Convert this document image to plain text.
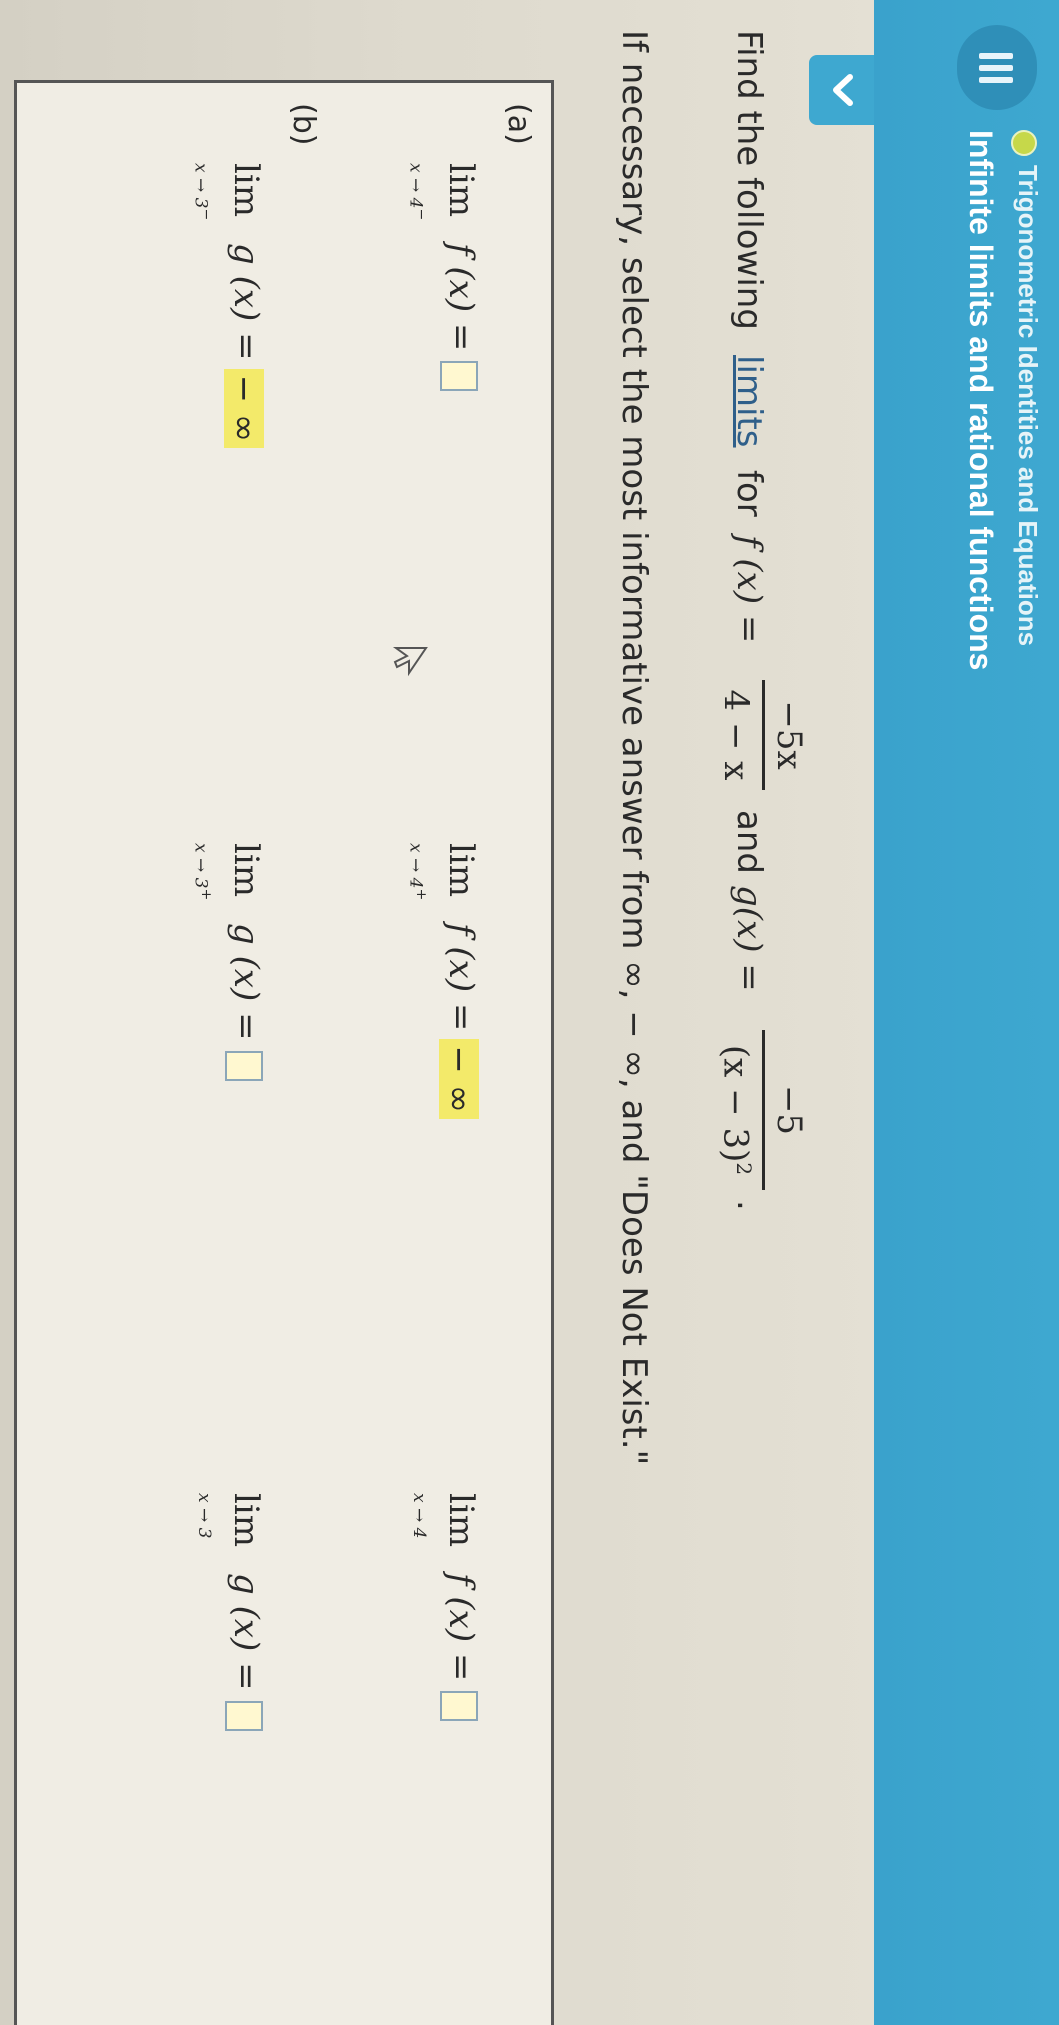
Trigonometric Identities and Equations
Infinite limits and rational functions
Find the following
limits
for
f (x) =
−5x
4 − x
and
g(x) =
−5
$(x - 3)^2$
.
If necessary, select the most informative answer from ∞, − ∞, and "Does Not Exist."
(a)
lim
x → 4−
f (x) =
lim
x → 4+
f (x) =− ∞
lim
x → 4
f (x) =
(b)
lim
x → 3−
g (x) =− ∞
lim
x → 3+
g (x) =
lim
x → 3
g (x) =
